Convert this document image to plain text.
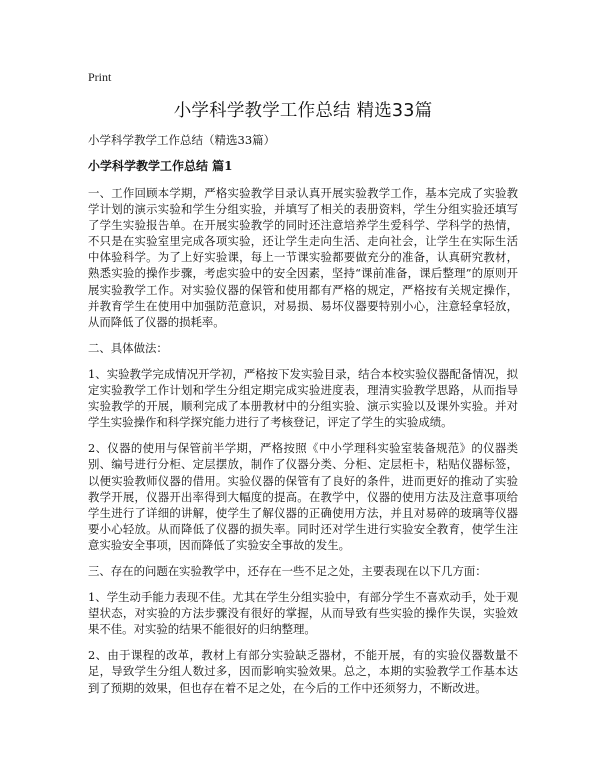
Print
小学科学教学工作总结 精选33篇
小学科学教学工作总结（精选33篇）
小学科学教学工作总结 篇1

一、工作回顾本学期，严格实验教学目录认真开展实验教学工作，基本完成了实验教学计划的演示实验和学生分组实验，并填写了相关的表册资料，学生分组实验还填写了学生实验报告单。在开展实验教学的同时还注意培养学生爱科学、学科学的热情，不只是在实验室里完成各项实验，还让学生走向生活、走向社会，让学生在实际生活中体验科学。为了上好实验课，每上一节课实验都要做充分的准备，认真研究教材，熟悉实验的操作步骤，考虑实验中的安全因素，坚持“课前准备，课后整理”的原则开展实验教学工作。对实验仪器的保管和使用都有严格的规定，严格按有关规定操作，并教育学生在使用中加强防范意识，对易损、易坏仪器要特别小心，注意轻拿轻放，从而降低了仪器的损耗率。

二、具体做法：

1、实验教学完成情况开学初，严格按下发实验目录，结合本校实验仪器配备情况，拟定实验教学工作计划和学生分组定期完成实验进度表，理清实验教学思路，从而指导实验教学的开展，顺利完成了本册教材中的分组实验、演示实验以及课外实验。并对学生实验操作和科学探究能力进行了考核登记，评定了学生的实验成绩。

2、仪器的使用与保管前半学期，严格按照《中小学理科实验室装备规范》的仪器类别、编号进行分柜、定层摆放，制作了仪器分类、分柜、定层柜卡，粘贴仪器标签，以便实验教师仪器的借用。实验仪器的保管有了良好的条件，进而更好的推动了实验教学开展，仪器开出率得到大幅度的提高。在教学中，仪器的使用方法及注意事项给学生进行了详细的讲解，使学生了解仪器的正确使用方法，并且对易碎的玻璃等仪器要小心轻放。从而降低了仪器的损失率。同时还对学生进行实验安全教育，使学生注意实验安全事项，因而降低了实验安全事故的发生。

三、存在的问题在实验教学中，还存在一些不足之处，主要表现在以下几方面：

1、学生动手能力表现不佳。尤其在学生分组实验中，有部分学生不喜欢动手，处于观望状态，对实验的方法步骤没有很好的掌握，从而导致有些实验的操作失误，实验效果不佳。对实验的结果不能很好的归纳整理。

2、由于课程的改革，教材上有部分实验缺乏器材，不能开展，有的实验仪器数量不足，导致学生分组人数过多，因而影响实验效果。总之，本期的实验教学工作基本达到了预期的效果，但也存在着不足之处，在今后的工作中还须努力，不断改进。
